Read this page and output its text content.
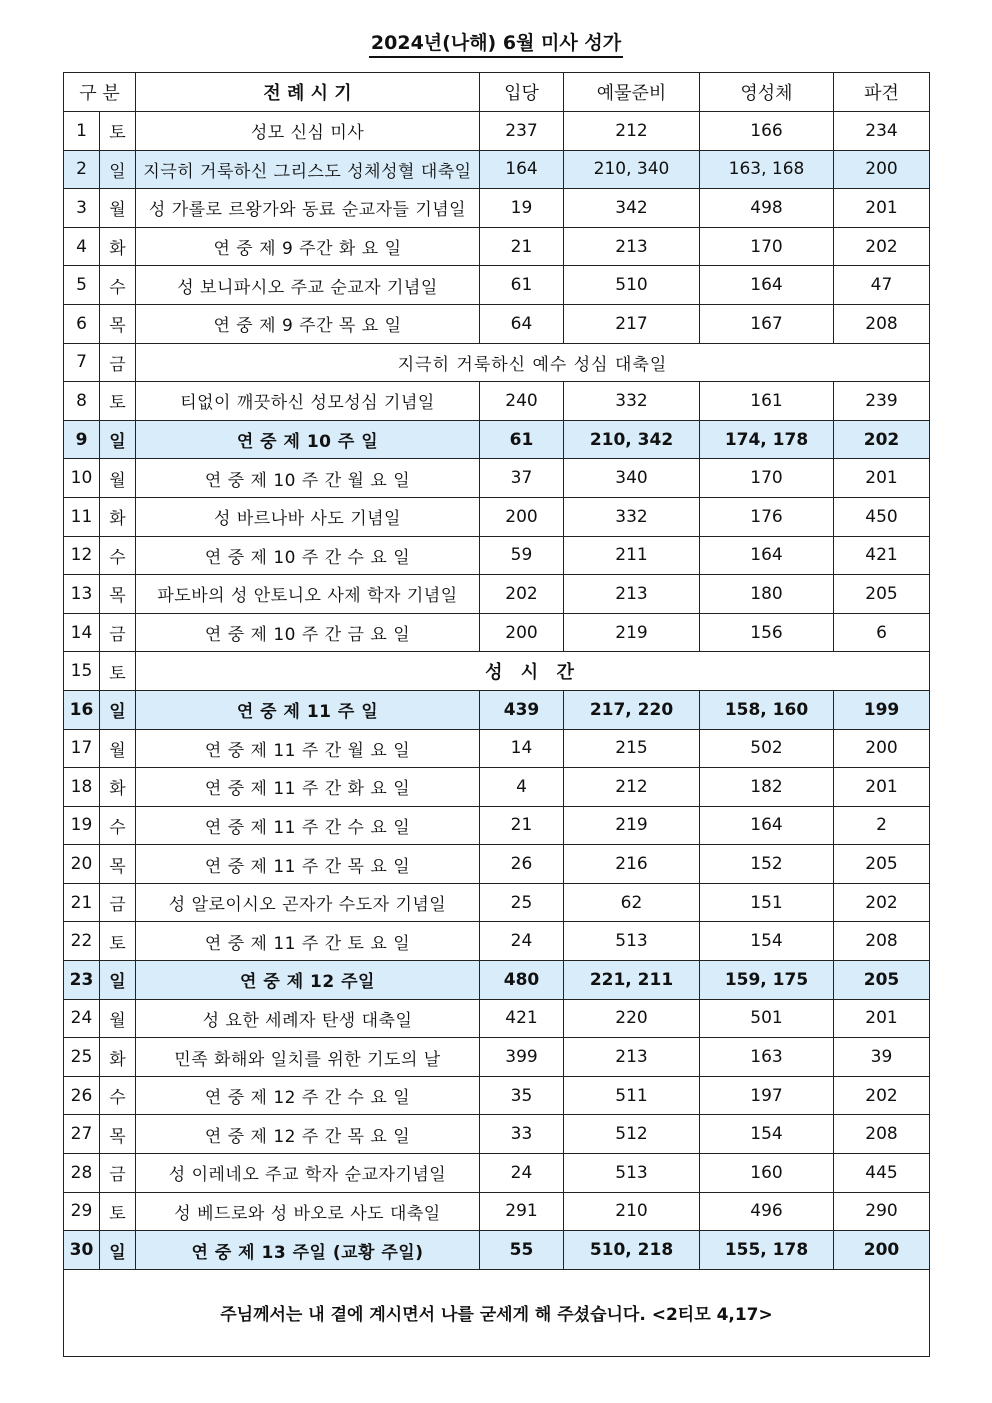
2024년(나해) 6월 미사 성가
구 분		전 례 시 기	입당	예물준비	영성체	파견
1	토	성모 신심 미사	237	212	166	234
2	일	지극히 거룩하신 그리스도 성체성혈 대축일	164	210, 340	163, 168	200
3	월	성 가롤로 르왕가와 동료 순교자들 기념일	19	342	498	201
4	화	연 중 제 9 주간 화 요 일	21	213	170	202
5	수	성 보니파시오 주교 순교자 기념일	61	510	164	47
6	목	연 중 제 9 주간 목 요 일	64	217	167	208
7	금	지극히 거룩하신 예수 성심 대축일				
8	토	티없이 깨끗하신 성모성심 기념일	240	332	161	239
9	일	연 중 제 10 주 일	61	210, 342	174, 178	202
10	월	연 중 제 10 주 간 월 요 일	37	340	170	201
11	화	성 바르나바 사도 기념일	200	332	176	450
12	수	연 중 제 10 주 간 수 요 일	59	211	164	421
13	목	파도바의 성 안토니오 사제 학자 기념일	202	213	180	205
14	금	연 중 제 10 주 간 금 요 일	200	219	156	6
15	토	성 시 간				
16	일	연 중 제 11 주 일	439	217, 220	158, 160	199
17	월	연 중 제 11 주 간 월 요 일	14	215	502	200
18	화	연 중 제 11 주 간 화 요 일	4	212	182	201
19	수	연 중 제 11 주 간 수 요 일	21	219	164	2
20	목	연 중 제 11 주 간 목 요 일	26	216	152	205
21	금	성 알로이시오 곤자가 수도자 기념일	25	62	151	202
22	토	연 중 제 11 주 간 토 요 일	24	513	154	208
23	일	연 중 제 12 주일	480	221, 211	159, 175	205
24	월	성 요한 세례자 탄생 대축일	421	220	501	201
25	화	민족 화해와 일치를 위한 기도의 날	399	213	163	39
26	수	연 중 제 12 주 간 수 요 일	35	511	197	202
27	목	연 중 제 12 주 간 목 요 일	33	512	154	208
28	금	성 이레네오 주교 학자 순교자기념일	24	513	160	445
29	토	성 베드로와 성 바오로 사도 대축일	291	210	496	290
30	일	연 중 제 13 주일 (교황 주일)	55	510, 218	155, 178	200
주님께서는 내 곁에 계시면서 나를 굳세게 해 주셨습니다. <2티모 4,17>						
